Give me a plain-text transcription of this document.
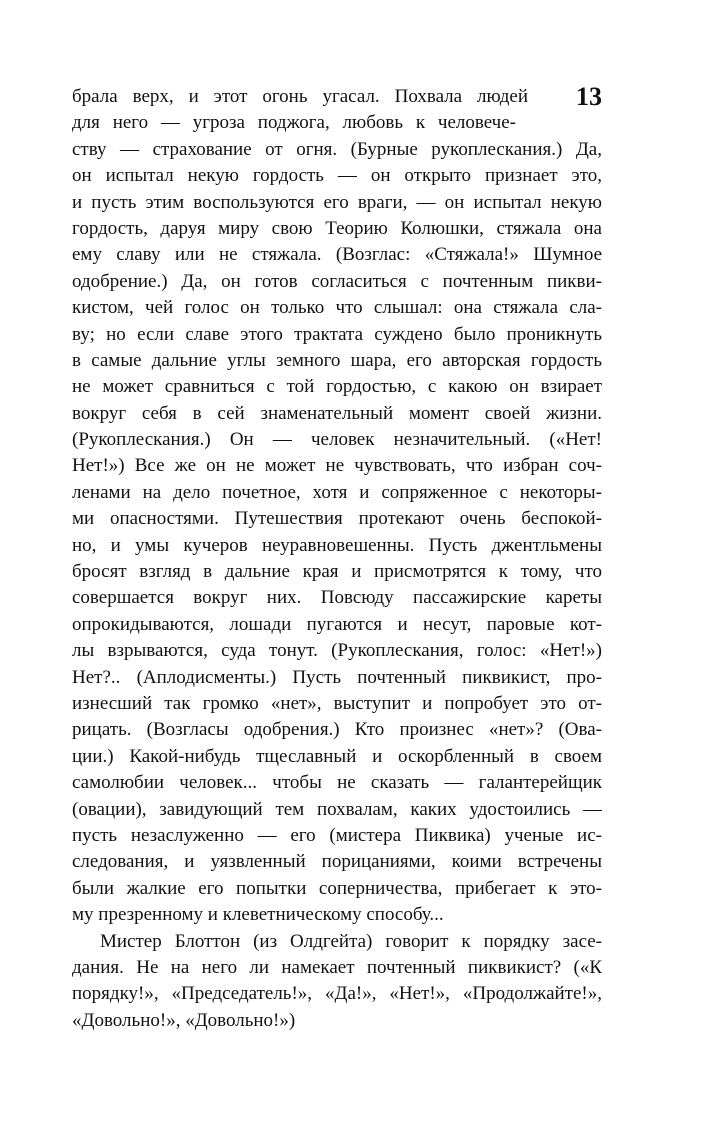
13
брала верх, и этот огонь угасал. Похвала людей
для него — угроза поджога, любовь к человече-
ству — страхование от огня. (Бурные рукоплескания.) Да,
он испытал некую гордость — он открыто признает это,
и пусть этим воспользуются его враги, — он испытал некую
гордость, даруя миру свою Теорию Колюшки, стяжала она
ему славу или не стяжала. (Возглас: «Стяжала!» Шумное
одобрение.) Да, он готов согласиться с почтенным пикви-
кистом, чей голос он только что слышал: она стяжала сла-
ву; но если славе этого трактата суждено было проникнуть
в самые дальние углы земного шара, его авторская гордость
не может сравниться с той гордостью, с какою он взирает
вокруг себя в сей знаменательный момент своей жизни.
(Рукоплескания.) Он — человек незначительный. («Нет!
Нет!») Все же он не может не чувствовать, что избран соч-
ленами на дело почетное, хотя и сопряженное с некоторы-
ми опасностями. Путешествия протекают очень беспокой-
но, и умы кучеров неуравновешенны. Пусть джентльмены
бросят взгляд в дальние края и присмотрятся к тому, что
совершается вокруг них. Повсюду пассажирские кареты
опрокидываются, лошади пугаются и несут, паровые кот-
лы взрываются, суда тонут. (Рукоплескания, голос: «Нет!»)
Нет?.. (Аплодисменты.) Пусть почтенный пиквикист, про-
изнесший так громко «нет», выступит и попробует это от-
рицать. (Возгласы одобрения.) Кто произнес «нет»? (Ова-
ции.) Какой-нибудь тщеславный и оскорбленный в своем
самолюбии человек... чтобы не сказать — галантерейщик
(овации), завидующий тем похвалам, каких удостоились —
пусть незаслуженно — его (мистера Пиквика) ученые ис-
следования, и уязвленный порицаниями, коими встречены
были жалкие его попытки соперничества, прибегает к это-
му презренному и клеветническому способу...
Мистер Блоттон (из Олдгейта) говорит к порядку засе-
дания. Не на него ли намекает почтенный пиквикист? («К
порядку!», «Председатель!», «Да!», «Нет!», «Продолжайте!»,
«Довольно!», «Довольно!»)
